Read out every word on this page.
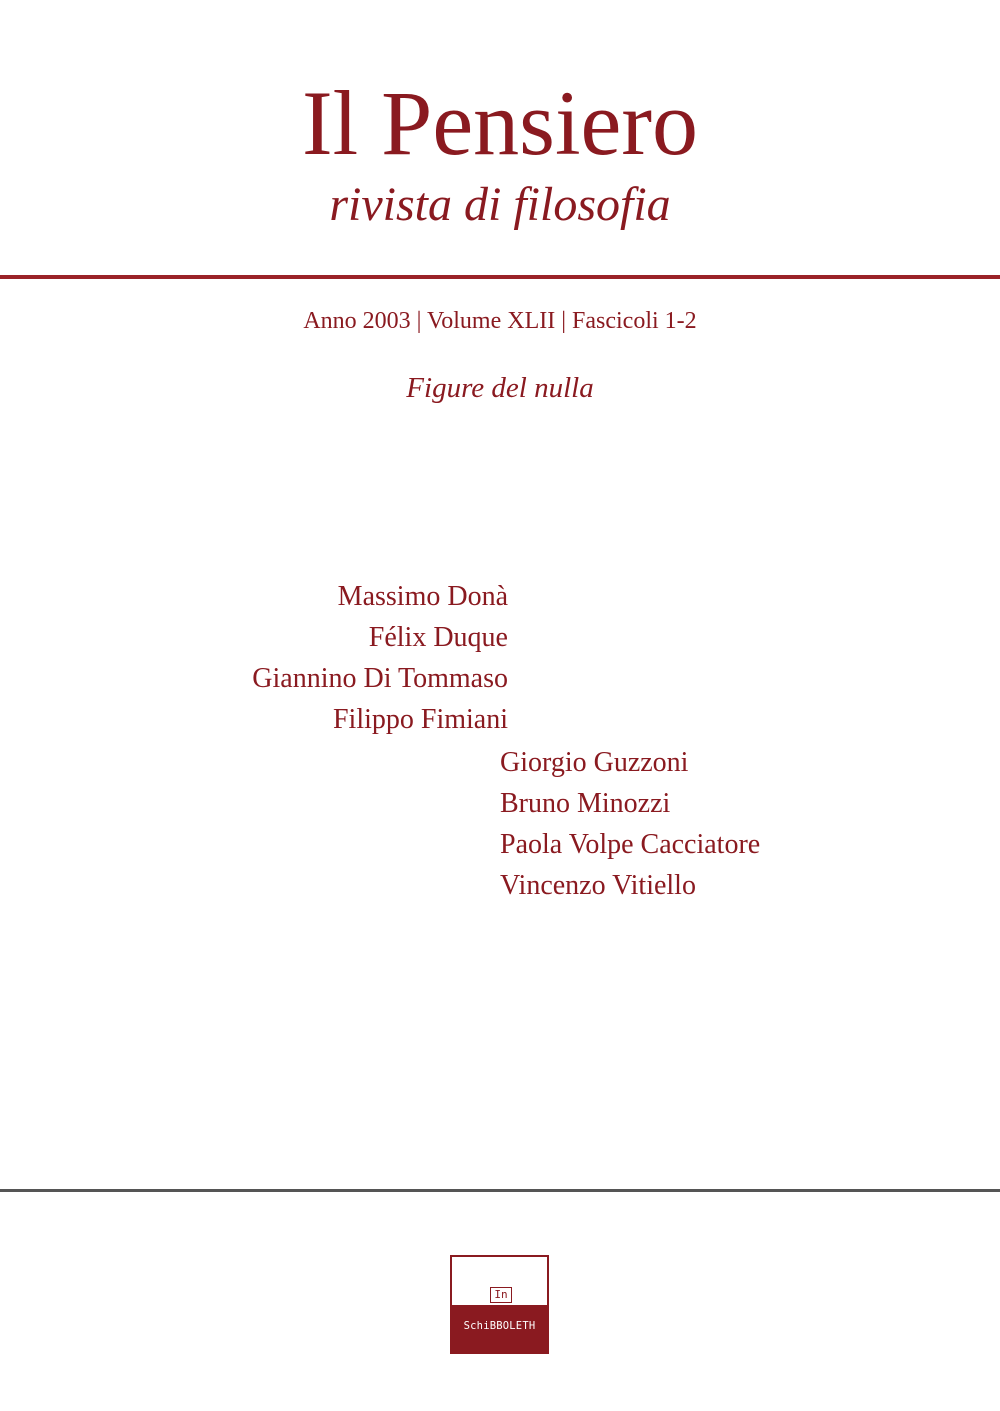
Il Pensiero
rivista di filosofia
Anno 2003 | Volume XLII | Fascicoli 1-2
Figure del nulla
Massimo Donà
Félix Duque
Giannino Di Tommaso
Filippo Fimiani
Giorgio Guzzoni
Bruno Minozzi
Paola Volpe Cacciatore
Vincenzo Vitiello
In
SchiBBOLETH
